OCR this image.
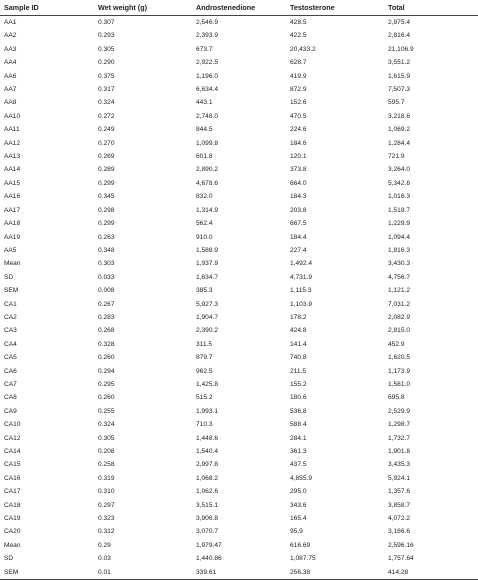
Sample ID	Wet weight (g)	Androstenedione	Testosterone	Total
AA1	0.307	2,546.9	428.5	2,975.4
AA2	0.293	2,393.9	422.5	2,816.4
AA3	0.305	673.7	20,433.2	21,106.9
AA4	0.290	2,922.5	628.7	3,551.2
AA6	0.375	1,196.0	419.9	1,615.9
AA7	0.317	6,634.4	872.9	7,507.3
AA8	0.324	443.1	152.6	595.7
AA10	0.272	2,748.0	470.5	3,218.6
AA11	0.249	844.5	224.6	1,069.2
AA12	0.270	1,099.8	184.6	1,284.4
AA13	0.269	601.8	120.1	721.9
AA14	0.289	2,890.2	373.8	3,264.0
AA15	0.299	4,678.6	664.0	5,342.6
AA16	0.345	832.0	184.3	1,016.3
AA17	0.298	1,314.9	203.8	1,518.7
AA18	0.299	562.4	667.5	1,229.9
AA19	0.263	910.0	184.4	1,094.4
AA5	0.348	1,588.9	227.4	1,816.3
Mean	0.303	1,937.9	1,492.4	3,430.3
SD	0.033	1,634.7	4,731.9	4,756.7
SEM	0.008	385.3	1,115.3	1,121.2
CA1	0.267	5,927.3	1,103.9	7,031.2
CA2	0.283	1,904.7	178.2	2,082.9
CA3	0.268	2,390.2	424.8	2,815.0
CA4	0.328	311.5	141.4	452.9
CA5	0.260	879.7	740.8	1,620.5
CA6	0.294	962.5	211.5	1,173.9
CA7	0.295	1,425.8	155.2	1,581.0
CA8	0.260	515.2	180.6	695.8
CA9	0.255	1,993.1	536.8	2,529.9
CA10	0.324	710.3	588.4	1,298.7
CA12	0.305	1,448.6	284.1	1,732.7
CA14	0.208	1,540.4	361.3	1,901.8
CA15	0.258	2,997.8	437.5	3,435.3
CA16	0.319	1,068.2	4,855.9	5,924.1
CA17	0.310	1,062.6	295.0	1,357.6
CA18	0.297	3,515.1	343.6	3,858.7
CA19	0.323	3,906.8	165.4	4,072.2
CA20	0.312	3,070.7	95.9	3,166.6
Mean	0.29	1,979.47	616.69	2,596.16
SD	0.03	1,440.86	1,087.75	1,757.64
SEM	0.01	339.61	256.38	414.28
